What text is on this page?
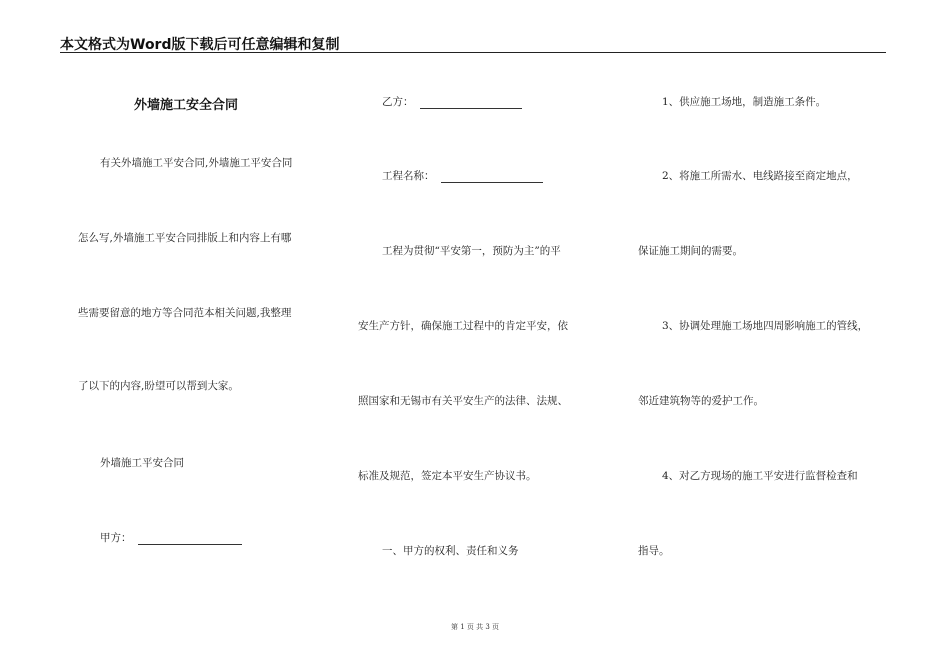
本文格式为Word版下载后可任意编辑和复制
外墙施工安全合同
有关外墙施工平安合同,外墙施工平安合同
怎么写,外墙施工平安合同排版上和内容上有哪
些需要留意的地方等合同范本相关问题,我整理
了以下的内容,盼望可以帮到大家。
外墙施工平安合同
甲方：
乙方：
工程名称：
工程为贯彻“平安第一，预防为主”的平
安生产方针，确保施工过程中的肯定平安，依
照国家和无锡市有关平安生产的法律、法规、
标准及规范，签定本平安生产协议书。
一、甲方的权利、责任和义务
1、供应施工场地，制造施工条件。
2、将施工所需水、电线路接至商定地点，
保证施工期间的需要。
3、协调处理施工场地四周影响施工的管线，
邻近建筑物等的爱护工作。
4、对乙方现场的施工平安进行监督检查和
指导。
第 1 页 共 3 页
